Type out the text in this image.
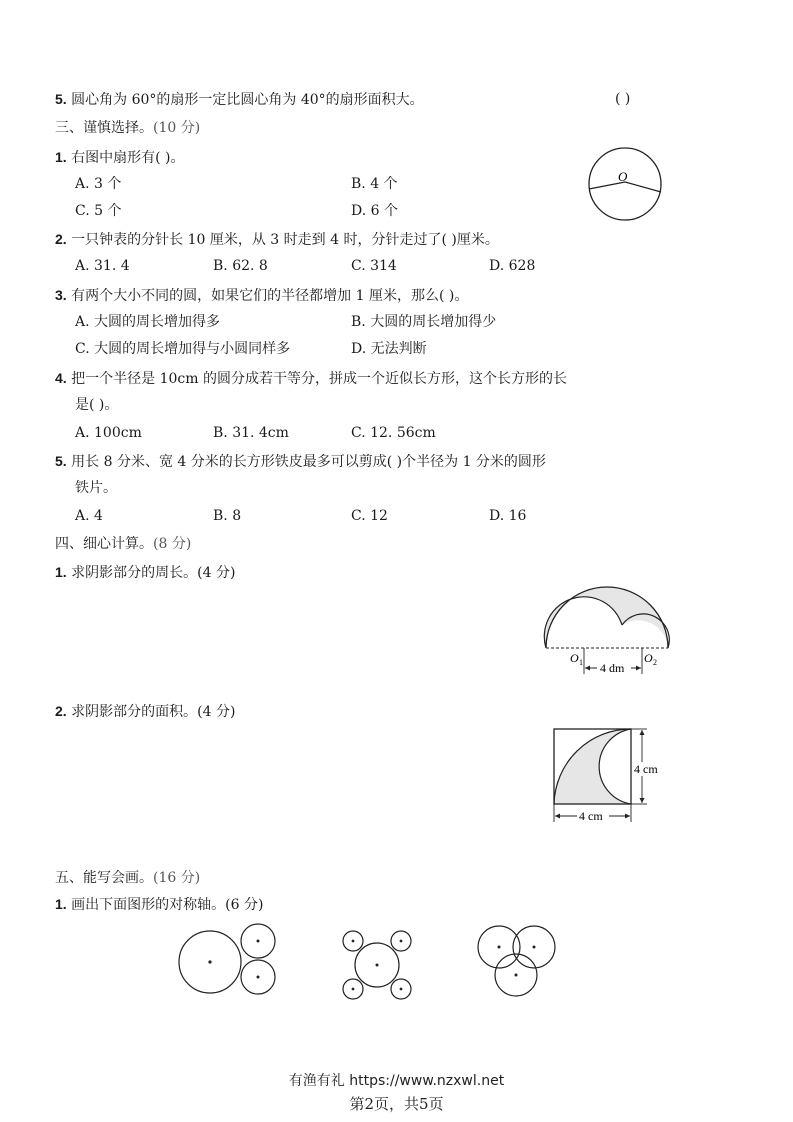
5. 圆心角为 60°的扇形一定比圆心角为 40°的扇形面积大。	( )
三、谨慎选择。(10 分)
1. 右图中扇形有( )。
A. 3 个	B. 4 个
C. 5 个	D. 6 个
O
2. 一只钟表的分针长 10 厘米，从 3 时走到 4 时，分针走过了( )厘米。
A. 31. 4	B. 62. 8	C. 314	D. 628
3. 有两个大小不同的圆，如果它们的半径都增加 1 厘米，那么( )。
A. 大圆的周长增加得多	B. 大圆的周长增加得少
C. 大圆的周长增加得与小圆同样多	D. 无法判断
4. 把一个半径是 10cm 的圆分成若干等分，拼成一个近似长方形，这个长方形的长
是( )。
A. 100cm	B. 31. 4cm	C. 12. 56cm
5. 用长 8 分米、宽 4 分米的长方形铁皮最多可以剪成( )个半径为 1 分米的圆形
铁片。
A. 4	B. 8	C. 12	D. 16
四、细心计算。(8 分)
1. 求阴影部分的周长。(4 分)
O 1	O 2
4 dm
2. 求阴影部分的面积。(4 分)
4 cm
4 cm
五、能写会画。(16 分)
1. 画出下面图形的对称轴。(6 分)
有渔有礼 https://www.nzxwl.net
第2页，共5页
